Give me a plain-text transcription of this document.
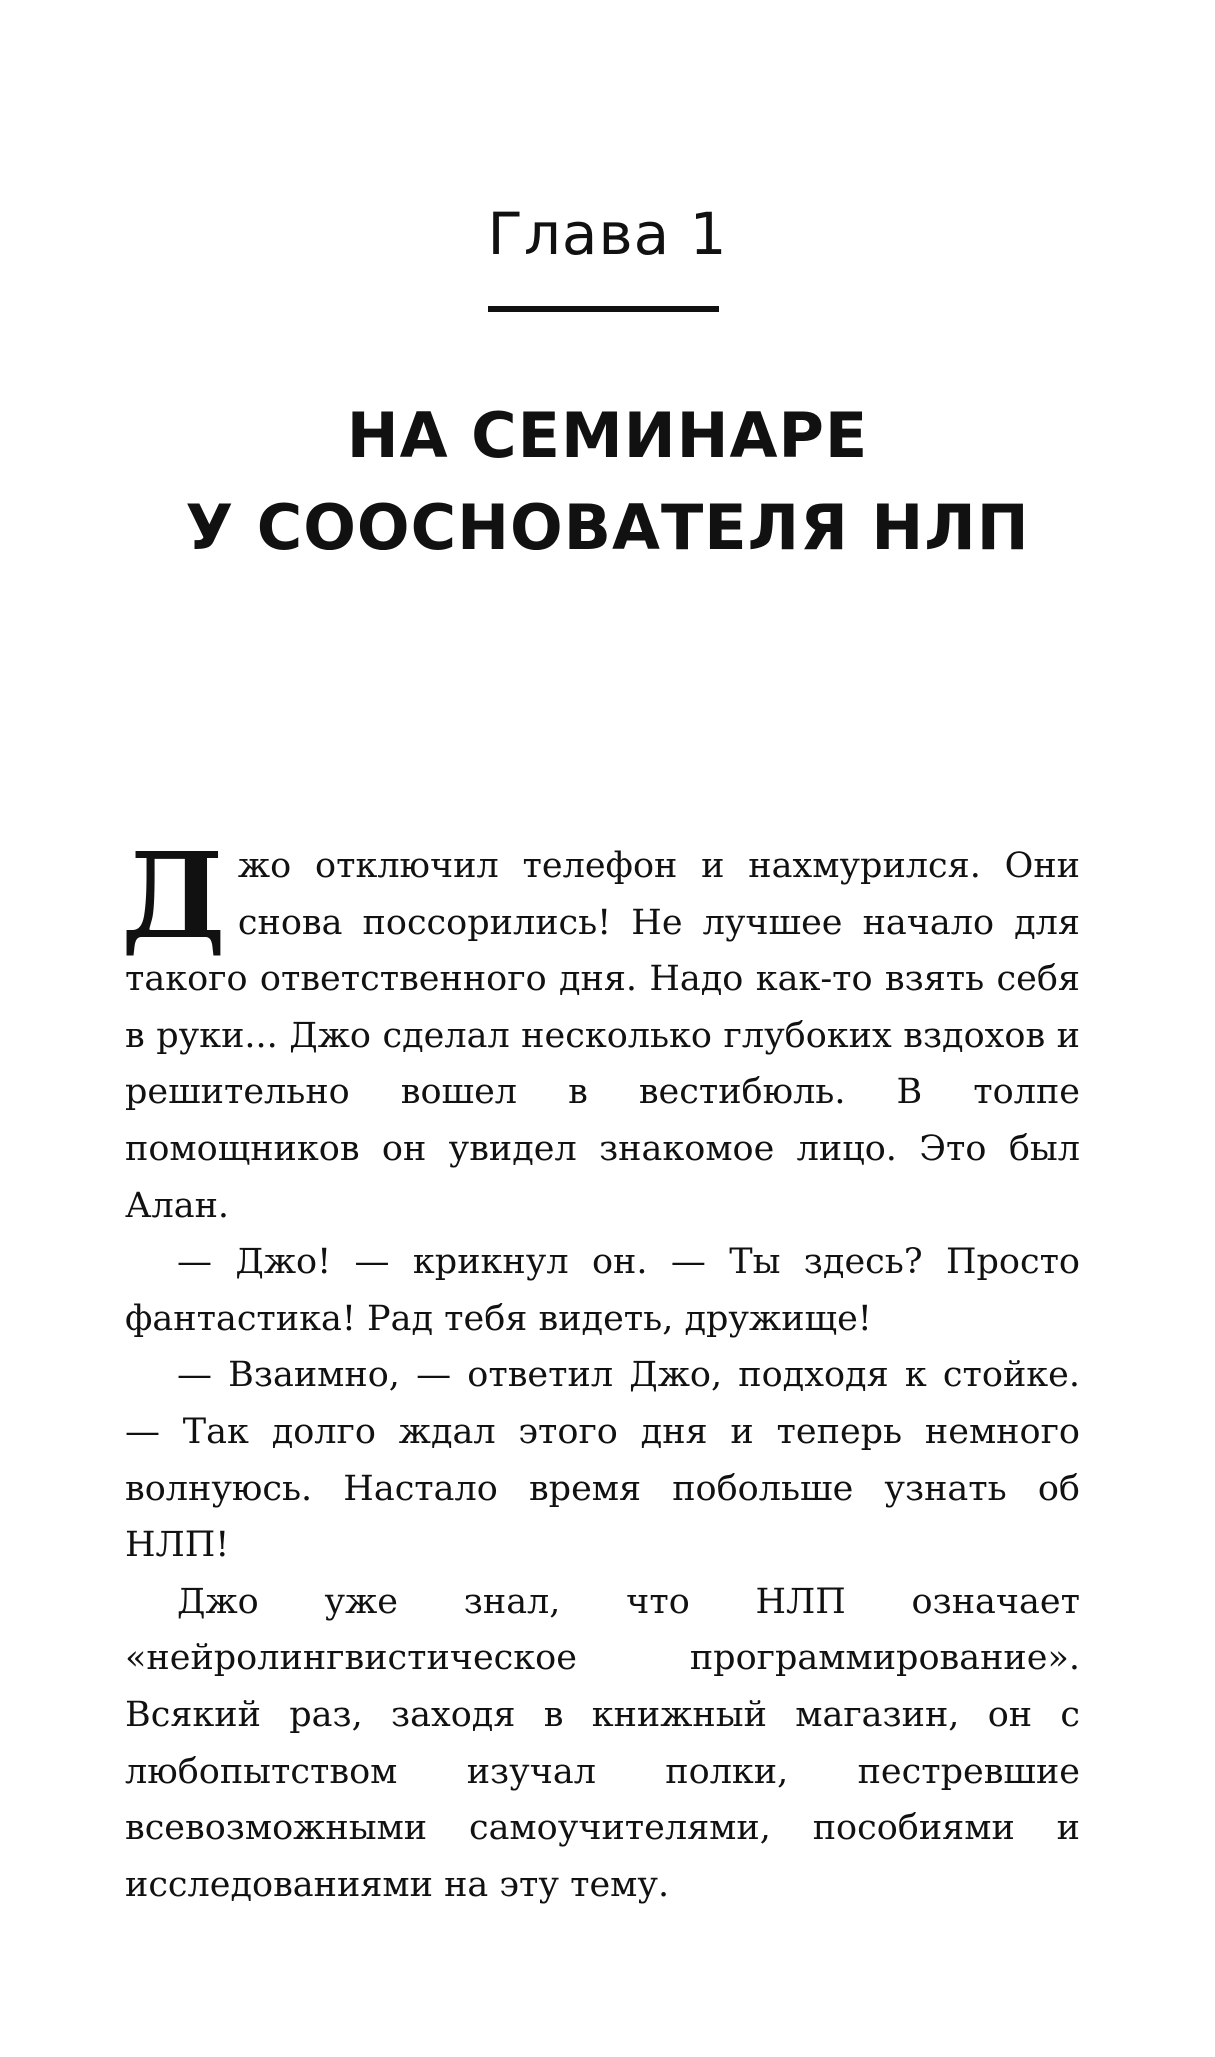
Глава 1
НА СЕМИНАРЕ
У СООСНОВАТЕЛЯ НЛП

Джо отключил телефон и нахмурился. Они снова поссорились! Не лучшее начало для такого ответственного дня. Надо как-то взять себя в руки... Джо сделал несколько глубоких вздохов и решительно вошел в вестибюль. В толпе помощников он увидел знакомое лицо. Это был Алан.

— Джо! — крикнул он. — Ты здесь? Просто фантастика! Рад тебя видеть, дружище!

— Взаимно, — ответил Джо, подходя к стойке. — Так долго ждал этого дня и теперь немного волнуюсь. Настало время побольше узнать об НЛП!

Джо уже знал, что НЛП означает «нейролингвистическое программирование». Всякий раз, заходя в книжный магазин, он с любопытством изучал полки, пестревшие всевозможными самоучителями, пособиями и исследованиями на эту тему.
